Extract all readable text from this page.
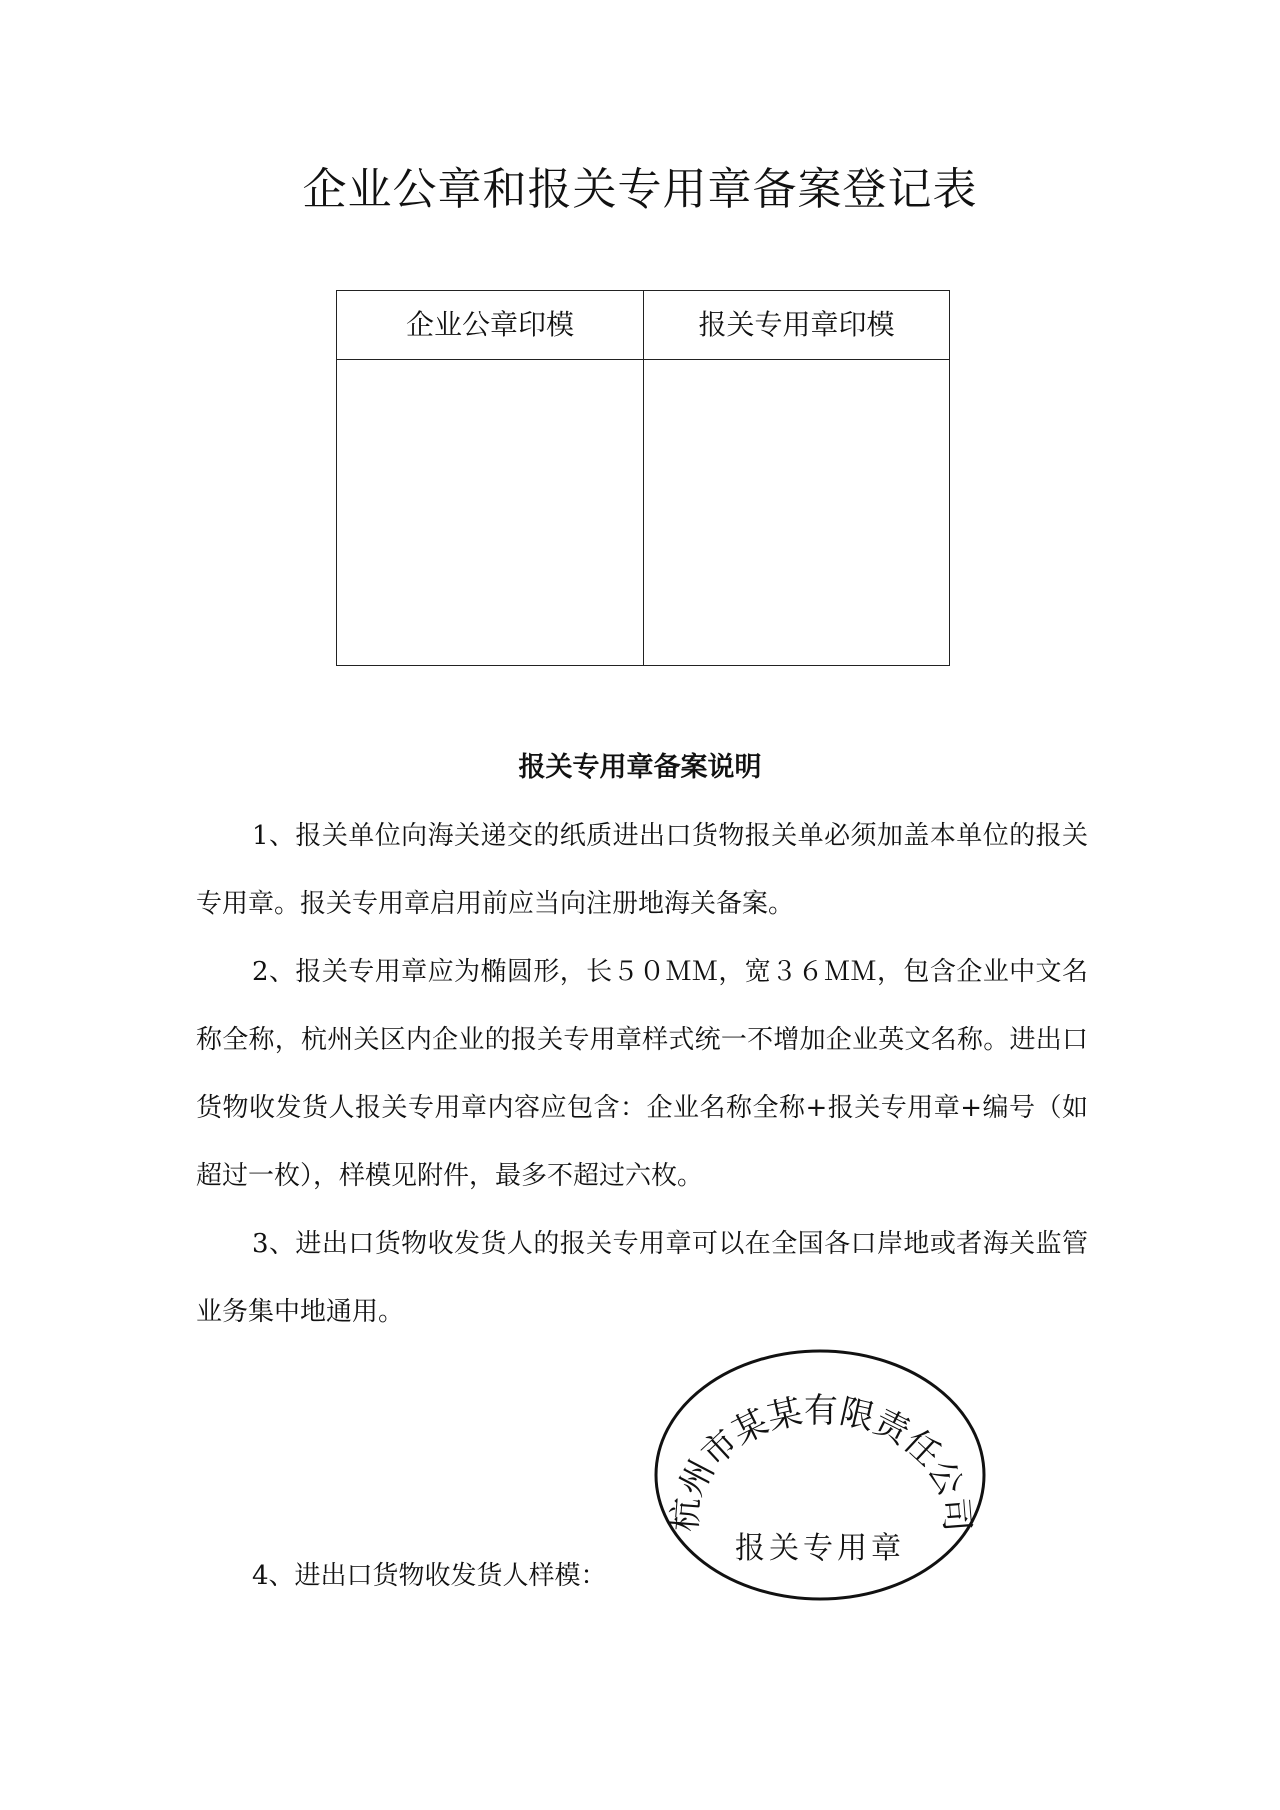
企业公章和报关专用章备案登记表
企业公章印模	报关专用章印模
报关专用章备案说明
1、报关单位向海关递交的纸质进出口货物报关单必须加盖本单位的报关专用章。报关专用章启用前应当向注册地海关备案。
2、报关专用章应为椭圆形，长５０ＭＭ，宽３６ＭＭ，包含企业中文名称全称，杭州关区内企业的报关专用章样式统一不增加企业英文名称。进出口货物收发货人报关专用章内容应包含：企业名称全称+报关专用章+编号（如超过一枚），样模见附件，最多不超过六枚。
3、进出口货物收发货人的报关专用章可以在全国各口岸地或者海关监管业务集中地通用。
4、进出口货物收发货人样模：
杭州市某某有限责任公司
报关专用章
